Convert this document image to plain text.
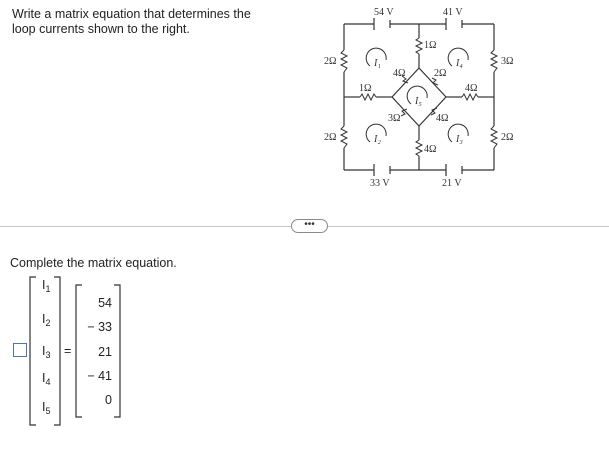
Write a matrix equation that determines the loop currents shown to the right.
54 V	41 V
33 V	21 V
2Ω
2Ω
3Ω
2Ω
1Ω
4Ω
1Ω	4Ω
4Ω	2Ω
3Ω	4Ω
I₁
I₂	I₃
I₄
I₅
•••
Complete the matrix equation.
$I_1$
$I_2$
$I_3$
$I_4$
$I_5$
=
54
− 33
21
− 41
0
